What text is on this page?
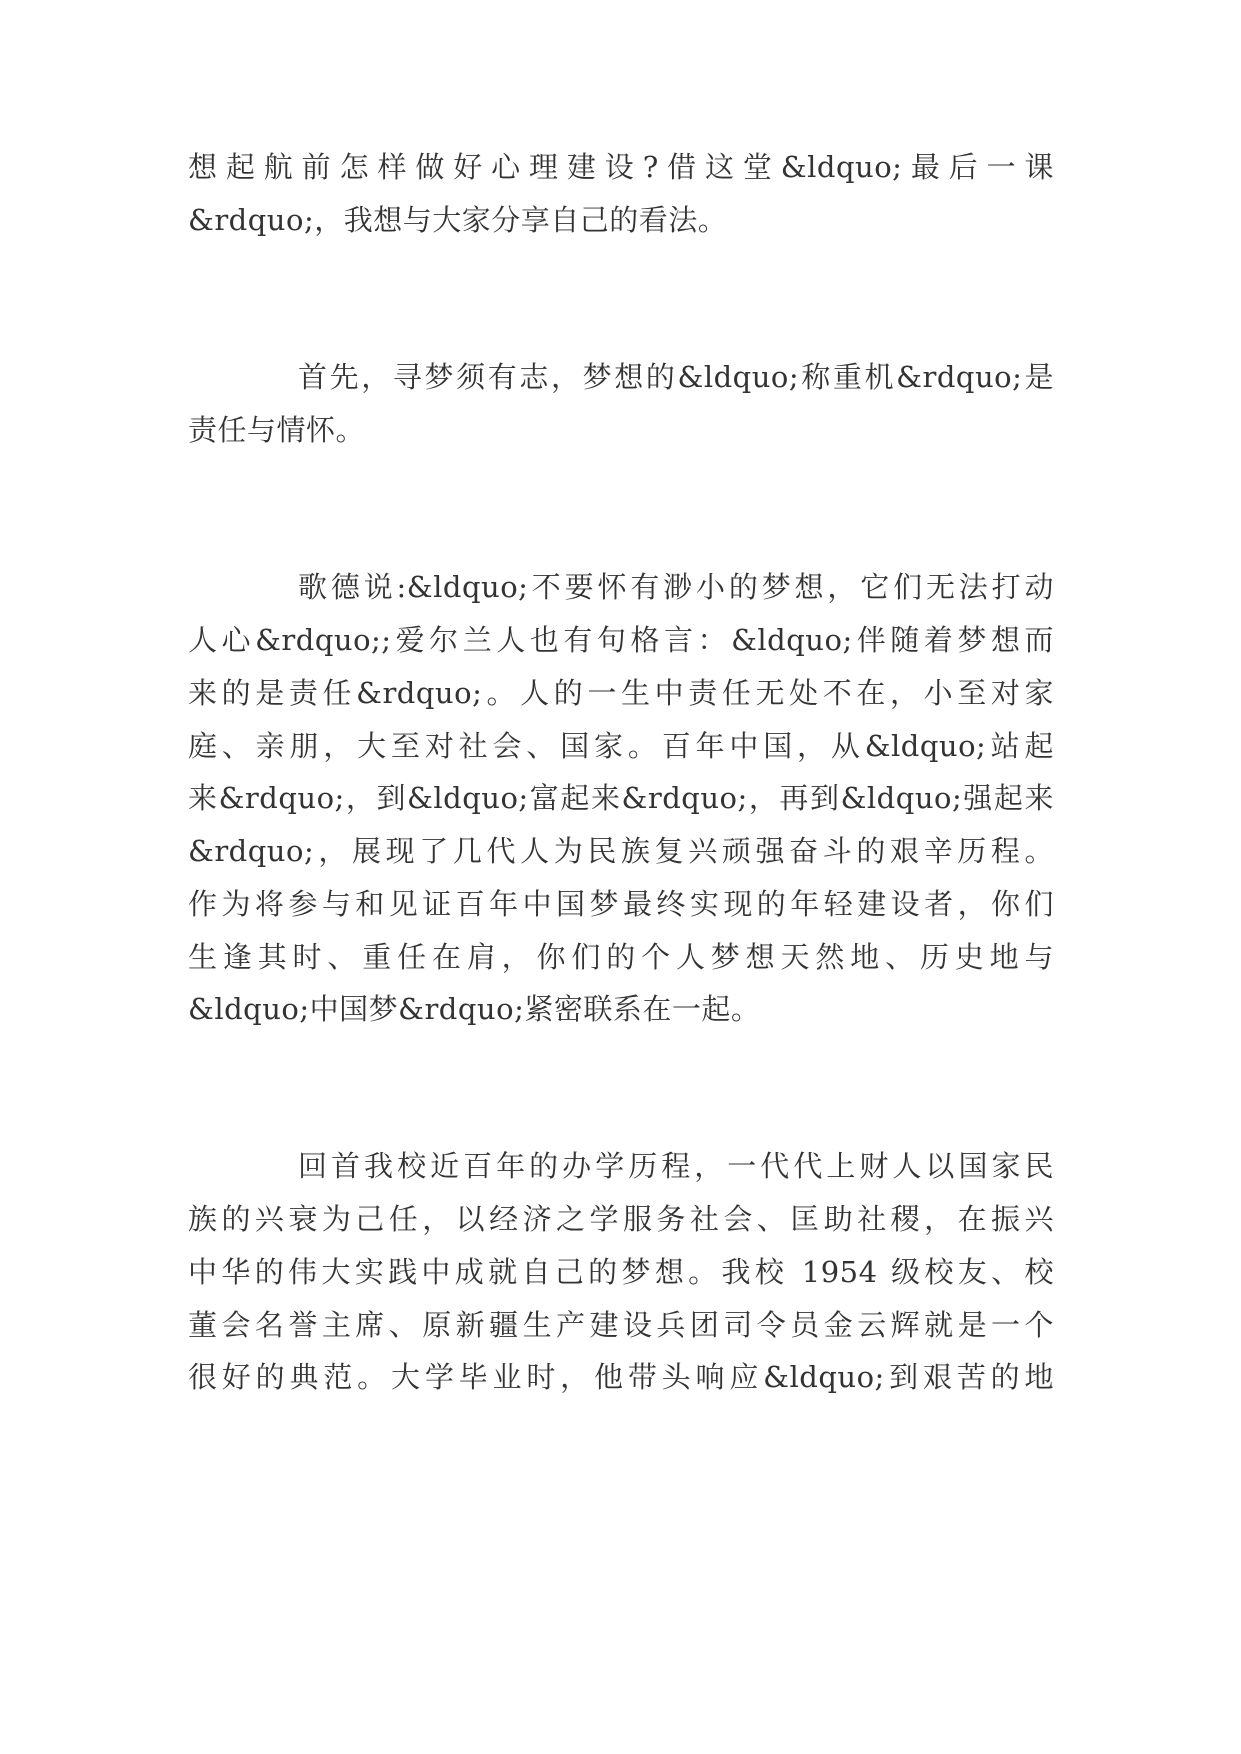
想起航前怎样做好心理建设?借这堂&ldquo;最后一课
&rdquo;，我想与大家分享自己的看法。
首先，寻梦须有志，梦想的&ldquo;称重机&rdquo;是
责任与情怀。
歌德说:&ldquo;不要怀有渺小的梦想，它们无法打动
人心&rdquo;;爱尔兰人也有句格言：&ldquo;伴随着梦想而
来的是责任&rdquo;。人的一生中责任无处不在，小至对家
庭、亲朋，大至对社会、国家。百年中国，从&ldquo;站起
来&rdquo;，到&ldquo;富起来&rdquo;，再到&ldquo;强起来
&rdquo;，展现了几代人为民族复兴顽强奋斗的艰辛历程。
作为将参与和见证百年中国梦最终实现的年轻建设者，你们
生逢其时、重任在肩，你们的个人梦想天然地、历史地与
&ldquo;中国梦&rdquo;紧密联系在一起。
回首我校近百年的办学历程，一代代上财人以国家民
族的兴衰为己任，以经济之学服务社会、匡助社稷，在振兴
中华的伟大实践中成就自己的梦想。我校 1954 级校友、校
董会名誉主席、原新疆生产建设兵团司令员金云辉就是一个
很好的典范。大学毕业时，他带头响应&ldquo;到艰苦的地
